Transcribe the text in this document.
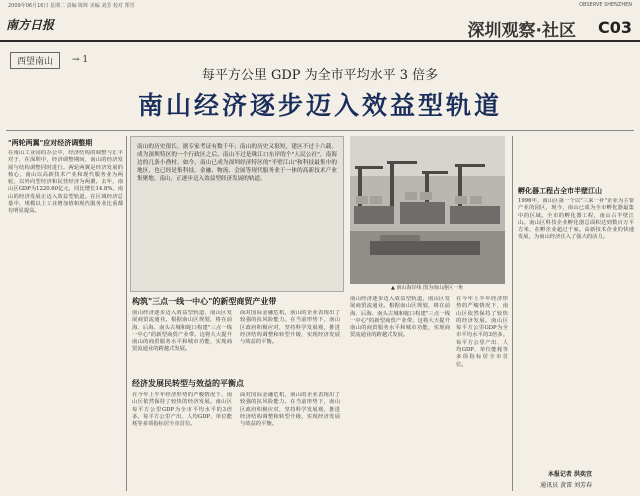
2009年06月16日 星期二 责编 陈辉 美编 刘芳 校对 郑雪	OBSERVE SHENZHEN
南方日报	深圳观察·社区 C03
西望南山	→ 1
每平方公里 GDP 为全市平均水平 3 倍多
南山经济逐步迈入效益型轨道
"两轮两翼"应对经济调整期
在南山工业园的办公中，经济结构的调整与汇丰对于，在深圳中，经济调整期间，南山的经济发展与结构调整同时进行。两轮两翼是经济发展的核心，南山以高新技术产业和现代服务业为两轮，以外向型经济和民营经济为两翼。去年，南山区GDP为1220.60亿元，同比增长14.8%。南山的经济发展正迈入效益型轨道。在区域经济总量中，规模以上工业增加值和现代服务业比重都有明显提高。
南山的历史很长，据专家考证有数千年；南山的历史又很短，建区不过十六载。成为深圳特区的一个行政区之后，南山不过是珠江口东岸的个"人民公社"，南海边的几条小渔村。如今，南山已成为深圳经济特区的"半壁江山"和科技最集中的地区，也已经是集科技、金融、物流、会展等现代服务业于一体的高新技术产业集聚地。南山，正逐步迈入效益型经济发展的轨道。
▲ 南山海岸线 图为南山港区一角
构筑"三点一线一中心"的新型商贸产业带
南山经济逐步迈入效益型轨道，南山区发展商贸流通业。根据南山区规划，将在前海、后海、南头古城和蛇口构建"三点一线一中心"的新型商贸产业带。这将大大提升南山的商贸服务水平和城市功能，实现商贸流通业的跨越式发展。
面对国际金融危机，南山的企业表现出了较强的抗风险能力。在当前形势下，南山区政府积极应对，坚持科学发展观，推进经济结构调整和转型升级，实现经济发展与效益的平衡。
经济发展民转型与效益的平衡点
在今年上半年经济形势的严峻情况下，南山区依然保持了较快的经济发展。南山区每平方公里GDP为全市平均水平的3倍多。每平方公里产出、人均GDP、单位能耗等多项指标居全市首位。
面对国际金融危机，南山的企业表现出了较强的抗风险能力。在当前形势下，南山区政府积极应对，坚持科学发展观，推进经济结构调整和转型升级，实现经济发展与效益的平衡。
南山经济逐步迈入效益型轨道，南山区发展商贸流通业。根据南山区规划，将在前海、后海、南头古城和蛇口构建"三点一线一中心"的新型商贸产业带。这将大大提升南山的商贸服务水平和城市功能，实现商贸流通业的跨越式发展。
在今年上半年经济形势的严峻情况下，南山区依然保持了较快的经济发展。南山区每平方公里GDP为全市平均水平的3倍多。每平方公里产出、人均GDP、单位能耗等多项指标居全市首位。
孵化器工程占全市半壁江山
1996年，南山区第一个以"三来一补"企业为主要产业的园区，现今，南山已成为全市孵化器最集中的区域。全市的孵化器工程，南山占半壁江山。南山区科技企业孵化器总面积达到数百万平方米，在孵企业超过千家。高新技术企业的快速发展，为南山经济注入了强大的活力。
本报记者 洪奕宜
通讯员 黄雷 刘芳春
